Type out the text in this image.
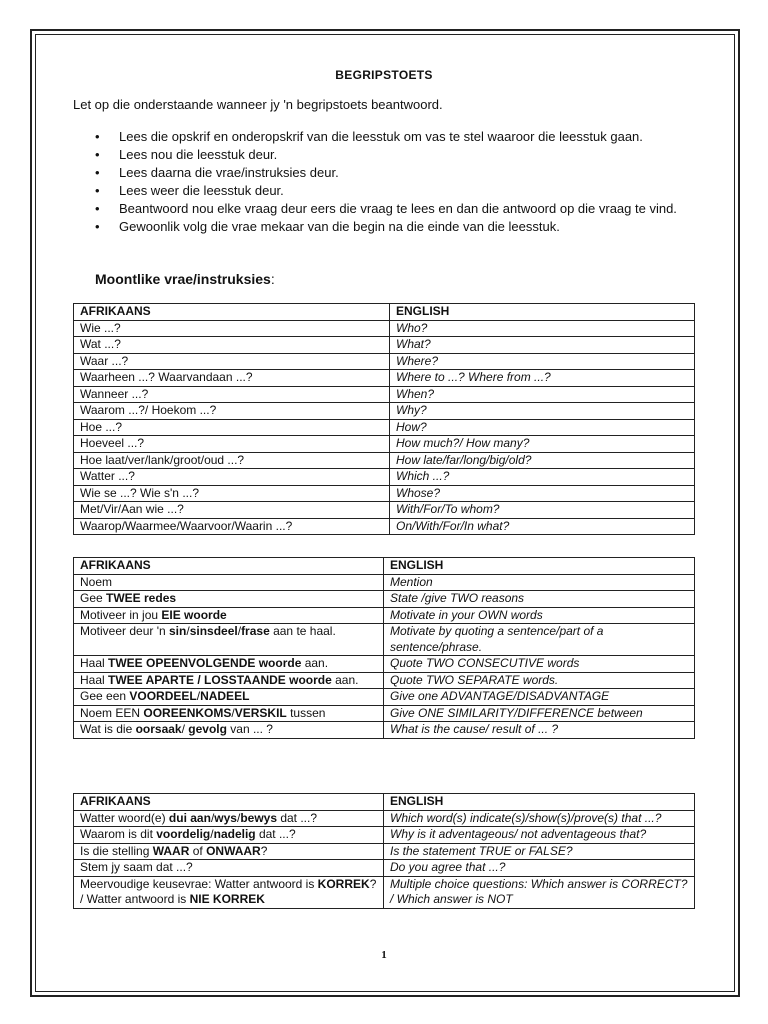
BEGRIPSTOETS
Let op die onderstaande wanneer jy 'n begripstoets beantwoord.
• Lees die opskrif en onderopskrif van die leesstuk om vas te stel waaroor die leesstuk gaan.
• Lees nou die leesstuk deur.
• Lees daarna die vrae/instruksies deur.
• Lees weer die leesstuk deur.
• Beantwoord nou elke vraag deur eers die vraag te lees en dan die antwoord op die vraag te vind.
• Gewoonlik volg die vrae mekaar van die begin na die einde van die leesstuk.
Moontlike vrae/instruksies:
AFRIKAANS	ENGLISH
Wie ...?	Who?
Wat ...?	What?
Waar ...?	Where?
Waarheen ...? Waarvandaan ...?	Where to ...? Where from ...?
Wanneer ...?	When?
Waarom ...?/ Hoekom ...?	Why?
Hoe ...?	How?
Hoeveel ...?	How much?/ How many?
Hoe laat/ver/lank/groot/oud ...?	How late/far/long/big/old?
Watter ...?	Which ...?
Wie se ...? Wie s'n ...?	Whose?
Met/Vir/Aan wie ...?	With/For/To whom?
Waarop/Waarmee/Waarvoor/Waarin ...?	On/With/For/In what?
AFRIKAANS	ENGLISH
Noem	Mention
Gee TWEE redes	State /give TWO reasons
Motiveer in jou EIE woorde	Motivate in your OWN words
Motiveer deur 'n sin/sinsdeel/frase aan te haal.	Motivate by quoting a sentence/part of a sentence/phrase.
Haal TWEE OPEENVOLGENDE woorde aan.	Quote TWO CONSECUTIVE words
Haal TWEE APARTE / LOSSTAANDE woorde aan.	Quote TWO SEPARATE words.
Gee een VOORDEEL/NADEEL	Give one ADVANTAGE/DISADVANTAGE
Noem EEN OOREENKOMS/VERSKIL tussen	Give ONE SIMILARITY/DIFFERENCE between
Wat is die oorsaak/ gevolg van ... ?	What is the cause/ result of ... ?
AFRIKAANS	ENGLISH
Watter woord(e) dui aan/wys/bewys dat ...?	Which word(s) indicate(s)/show(s)/prove(s) that ...?
Waarom is dit voordelig/nadelig dat ...?	Why is it adventageous/ not adventageous that?
Is die stelling WAAR of ONWAAR?	Is the statement TRUE or FALSE?
Stem jy saam dat ...?	Do you agree that ...?
Meervoudige keusevrae: Watter antwoord is KORREK? / Watter antwoord is NIE KORREK	Multiple choice questions: Which answer is CORRECT? / Which answer is NOT
1
